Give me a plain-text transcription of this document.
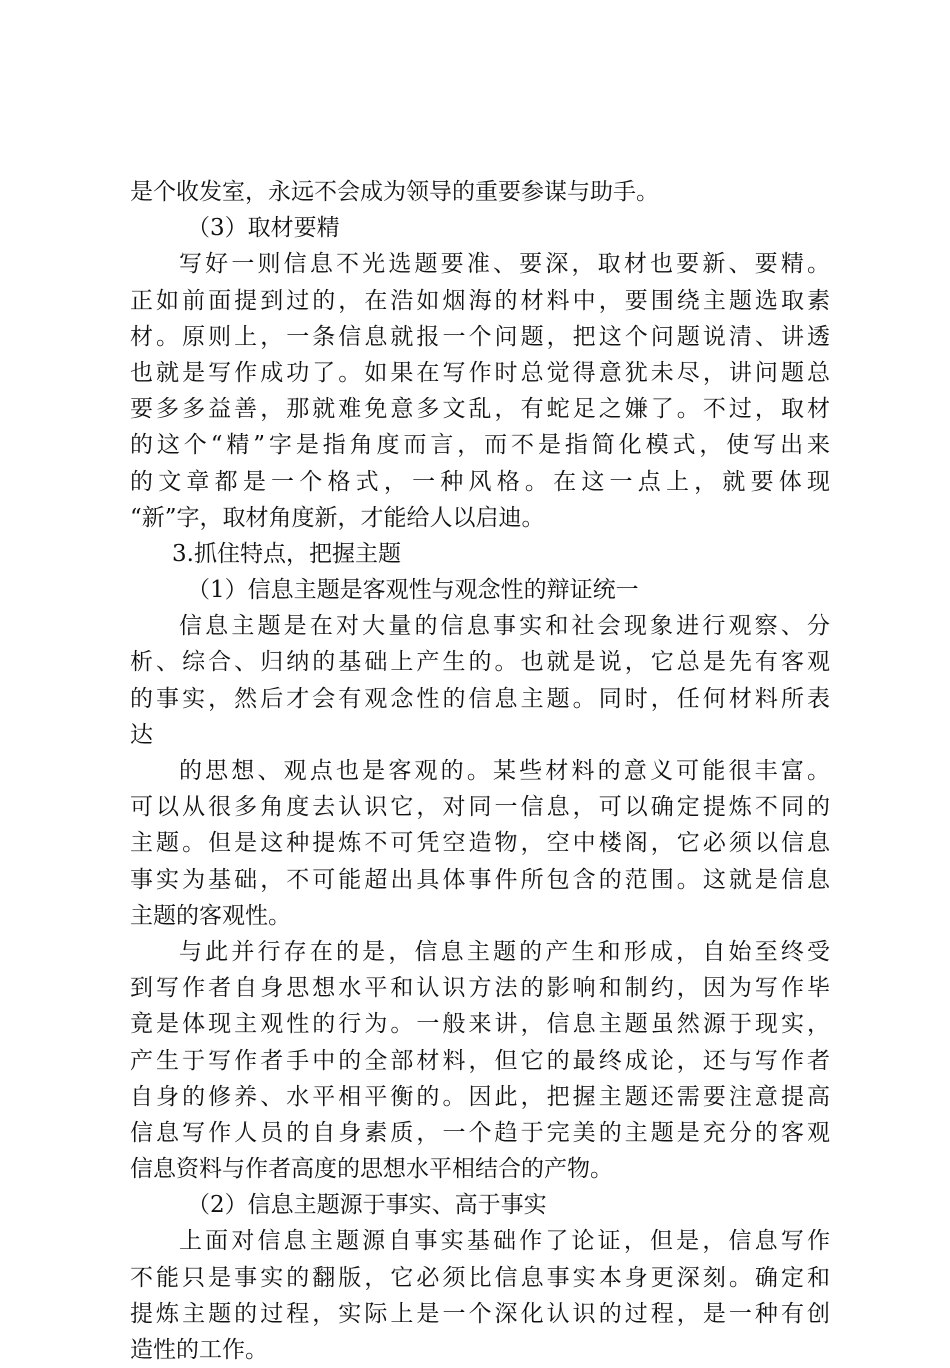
是个收发室，永远不会成为领导的重要参谋与助手。
（3）取材要精
写好一则信息不光选题要准、要深，取材也要新、要精。
正如前面提到过的，在浩如烟海的材料中，要围绕主题选取素
材。原则上，一条信息就报一个问题，把这个问题说清、讲透
也就是写作成功了。如果在写作时总觉得意犹未尽，讲问题总
要多多益善，那就难免意多文乱，有蛇足之嫌了。不过，取材
的这个“精”字是指角度而言，而不是指简化模式，使写出来
的文章都是一个格式，一种风格。在这一点上，就要体现
“新”字，取材角度新，才能给人以启迪。
3.抓住特点，把握主题
（1）信息主题是客观性与观念性的辩证统一
信息主题是在对大量的信息事实和社会现象进行观察、分
析、综合、归纳的基础上产生的。也就是说，它总是先有客观
的事实，然后才会有观念性的信息主题。同时，任何材料所表
达
的思想、观点也是客观的。某些材料的意义可能很丰富。
可以从很多角度去认识它，对同一信息，可以确定提炼不同的
主题。但是这种提炼不可凭空造物，空中楼阁，它必须以信息
事实为基础，不可能超出具体事件所包含的范围。这就是信息
主题的客观性。
与此并行存在的是，信息主题的产生和形成，自始至终受
到写作者自身思想水平和认识方法的影响和制约，因为写作毕
竟是体现主观性的行为。一般来讲，信息主题虽然源于现实，
产生于写作者手中的全部材料，但它的最终成论，还与写作者
自身的修养、水平相平衡的。因此，把握主题还需要注意提高
信息写作人员的自身素质，一个趋于完美的主题是充分的客观
信息资料与作者高度的思想水平相结合的产物。
（2）信息主题源于事实、高于事实
上面对信息主题源自事实基础作了论证，但是，信息写作
不能只是事实的翻版，它必须比信息事实本身更深刻。确定和
提炼主题的过程，实际上是一个深化认识的过程，是一种有创
造性的工作。
